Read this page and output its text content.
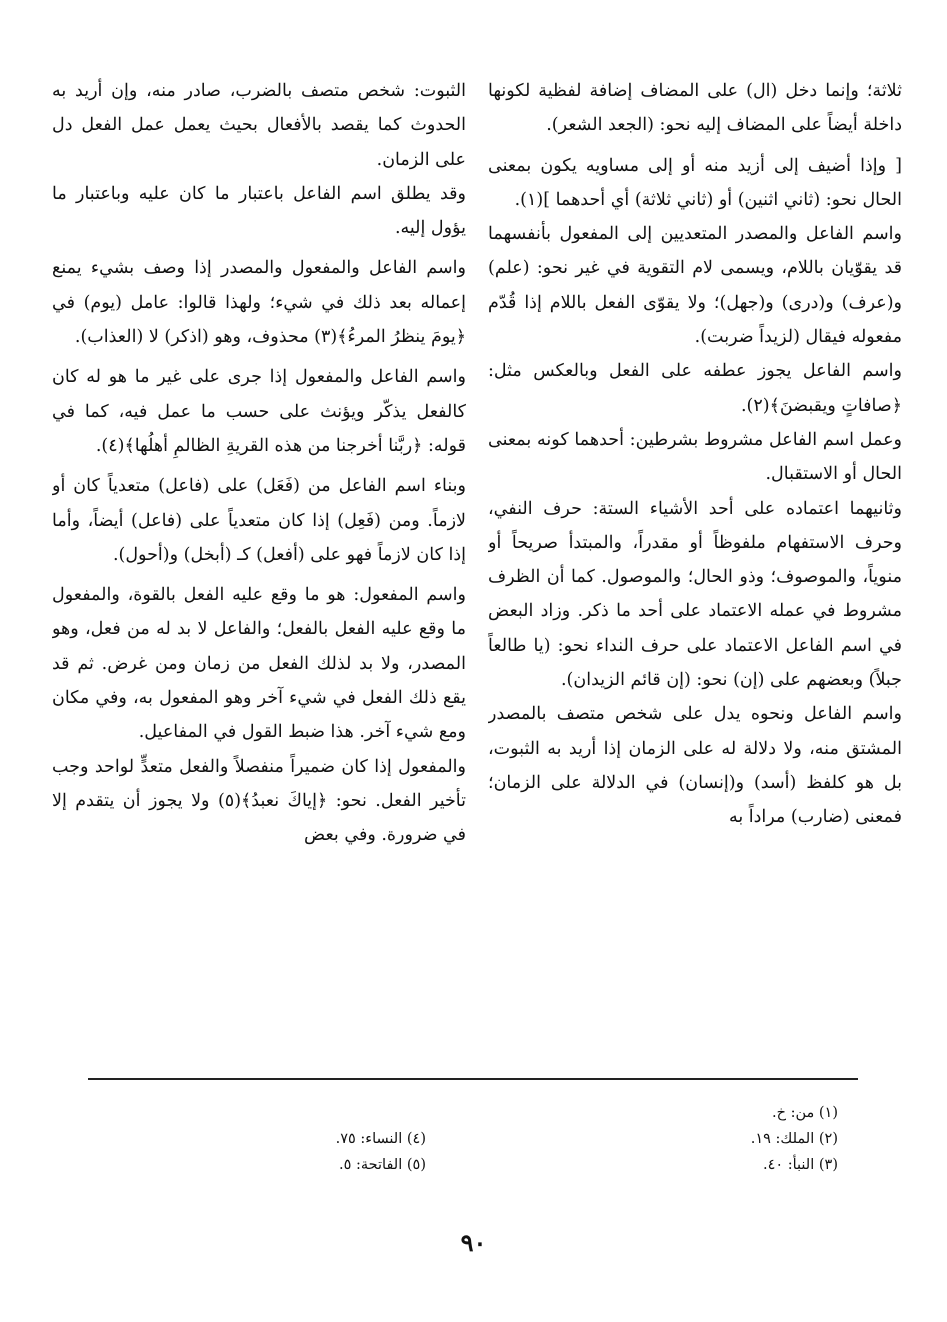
ثلاثة؛ وإنما دخل (ال) على المضاف إضافة لفظية لكونها داخلة أيضاً على المضاف إليه نحو: (الجعد الشعر).

[ وإذا أضيف إلى أزيد منه أو إلى مساويه يكون بمعنى الحال نحو: (ثاني اثنين) أو (ثاني ثلاثة) أي أحدهما ](١).

واسم الفاعل والمصدر المتعديين إلى المفعول بأنفسهما قد يقوّيان باللام، ويسمى لام التقوية في غير نحو: (علم) و(عرف) و(درى) و(جهل)؛ ولا يقوّى الفعل باللام إذا قُدّم مفعوله فيقال (لزيداً ضربت).

واسم الفاعل يجوز عطفه على الفعل وبالعكس مثل: ﴿صافاتٍ ويقبضنَ﴾(٢).

وعمل اسم الفاعل مشروط بشرطين: أحدهما كونه بمعنى الحال أو الاستقبال.

وثانيهما اعتماده على أحد الأشياء الستة: حرف النفي، وحرف الاستفهام ملفوظاً أو مقدراً، والمبتدأ صريحاً أو منوياً، والموصوف؛ وذو الحال؛ والموصول. كما أن الظرف مشروط في عمله الاعتماد على أحد ما ذكر. وزاد البعض في اسم الفاعل الاعتماد على حرف النداء نحو: (يا طالعاً جبلاً) وبعضهم على (إن) نحو: (إن قائم الزيدان).

واسم الفاعل ونحوه يدل على شخص متصف بالمصدر المشتق منه، ولا دلالة له على الزمان إذا أريد به الثبوت، بل هو كلفظ (أسد) و(إنسان) في الدلالة على الزمان؛ فمعنى (ضارب) مراداً به

الثبوت: شخص متصف بالضرب، صادر منه، وإن أريد به الحدوث كما يقصد بالأفعال بحيث يعمل عمل الفعل دل على الزمان.

وقد يطلق اسم الفاعل باعتبار ما كان عليه وباعتبار ما يؤول إليه.

واسم الفاعل والمفعول والمصدر إذا وصف بشيء يمنع إعماله بعد ذلك في شيء؛ ولهذا قالوا: عامل (يوم) في ﴿يومَ ينظرُ المرءُ﴾(٣) محذوف، وهو (اذكر) لا (العذاب).

واسم الفاعل والمفعول إذا جرى على غير ما هو له كان كالفعل يذكّر ويؤنث على حسب ما عمل فيه، كما في قوله: ﴿ربَّنا أخرجنا من هذه القريةِ الظالمِ أهلُها﴾(٤).

وبناء اسم الفاعل من (فَعَل) على (فاعل) متعدياً كان أو لازماً. ومن (فَعِل) إذا كان متعدياً على (فاعل) أيضاً، وأما إذا كان لازماً فهو على (أفعل) كـ (أبخل) و(أحول).

واسم المفعول: هو ما وقع عليه الفعل بالقوة، والمفعول ما وقع عليه الفعل بالفعل؛ والفاعل لا بد له من فعل، وهو المصدر، ولا بد لذلك الفعل من زمان ومن غرض. ثم قد يقع ذلك الفعل في شيء آخر وهو المفعول به، وفي مكان ومع شيء آخر. هذا ضبط القول في المفاعيل.

والمفعول إذا كان ضميراً منفصلاً والفعل متعدٍّ لواحد وجب تأخير الفعل. نحو: ﴿إياكَ نعبدُ﴾(٥) ولا يجوز أن يتقدم إلا في ضرورة. وفي بعض

(١) من: خ.
(٢) الملك: ١٩.
(٣) النبأ: ٤٠.
(٤) النساء: ٧٥.
(٥) الفاتحة: ٥.
٩٠
